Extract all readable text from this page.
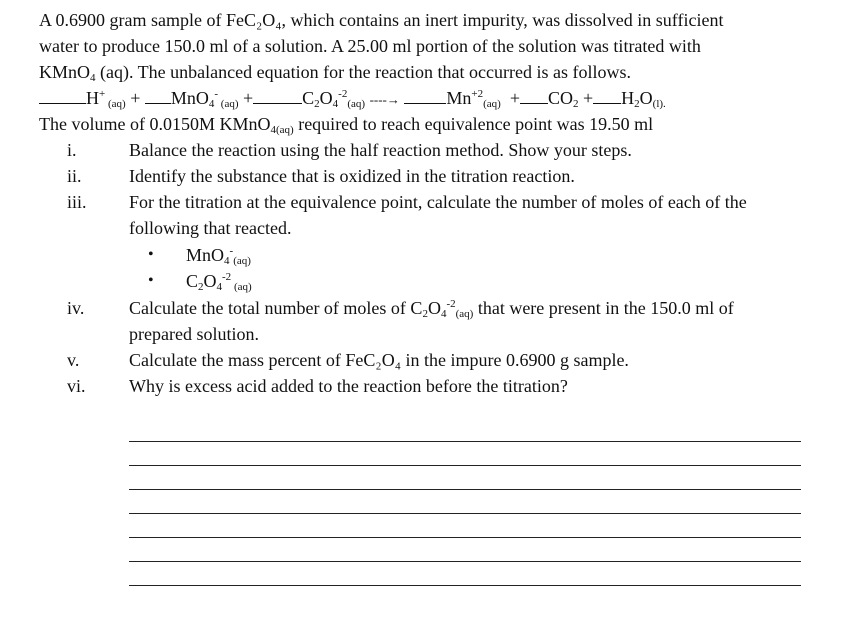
A 0.6900 gram sample of FeC₂O₄, which contains an inert impurity, was dissolved in sufficient
water to produce 150.0 ml of a solution. A 25.00 ml portion of the solution was titrated with
KMnO$_4$ (aq). The unbalanced equation for the reaction that occurred is as follows.
H+ $_{(aq)}$ + MnO$_4$- $_{(aq)}$ +	$C_2O_4^{-2}_{(aq)}$ ----→	$Mn^{+2}_{(aq)} + CO_2 + H_2O_{(l).}$
The volume of 0.0150M KMnO$_{4(aq)}$ required to reach equivalence point was 19.50 ml
i.	Balance the reaction using the half reaction method. Show your steps.
ii.	Identify the substance that is oxidized in the titration reaction.
iii. For the titration at the equivalence point, calculate the number of moles of each of the
following that reacted.
• MnO$_4$-$_{(aq)}$
• $C_2O_4^{-2}$ $_{(aq)}$
iv. Calculate the total number of moles of $C_2O_4^{-2}_{(aq)}$ that were present in the 150.0 ml of
prepared solution.
v.	Calculate the mass percent of FeC₂O₄ in the impure 0.6900 g sample.
vi. Why is excess acid added to the reaction before the titration?
